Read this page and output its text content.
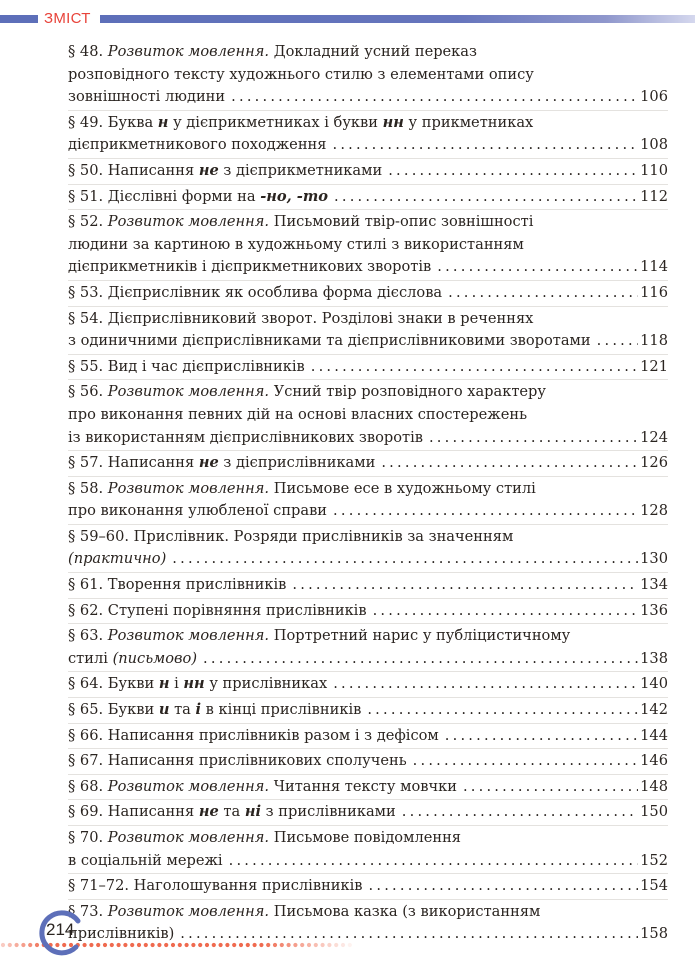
ЗМІСТ
§ 48. Розвиток мовлення. Докладний усний переказ
розповідного тексту художнього стилю з елементами опису
зовнішності людини .....	106
§ 49. Буква н у дієприкметниках і букви нн у прикметниках
дієприкметникового походження .....	108
§ 50. Написання не з дієприкметниками .....	110
§ 51. Дієслівні форми на -но, -то .....	112
§ 52. Розвиток мовлення. Письмовий твір-опис зовнішності
людини за картиною в художньому стилі з використанням
дієприкметників і дієприкметникових зворотів .....	114
§ 53. Дієприслівник як особлива форма дієслова .....	116
§ 54. Дієприслівниковий зворот. Розділові знаки в реченнях
з одиничними дієприслівниками та дієприслівниковими зворотами .....	118
§ 55. Вид і час дієприслівників .....	121
§ 56. Розвиток мовлення. Усний твір розповідного характеру
про виконання певних дій на основі власних спостережень
із використанням дієприслівникових зворотів .....	124
§ 57. Написання не з дієприслівниками .....	126
§ 58. Розвиток мовлення. Письмове есе в художньому стилі
про виконання улюбленої справи .....	128
§ 59–60. Прислівник. Розряди прислівників за значенням
(практично) .....	130
§ 61. Творення прислівників .....	134
§ 62. Ступені порівняння прислівників .....	136
§ 63. Розвиток мовлення. Портретний нарис у публіцистичному
стилі (письмово) .....	138
§ 64. Букви н і нн у прислівниках .....	140
§ 65. Букви и та і в кінці прислівників .....	142
§ 66. Написання прислівників разом і з дефісом .....	144
§ 67. Написання прислівникових сполучень .....	146
§ 68. Розвиток мовлення. Читання тексту мовчки .....	148
§ 69. Написання не та ні з прислівниками .....	150
§ 70. Розвиток мовлення. Письмове повідомлення
в соціальній мережі .....	152
§ 71–72. Наголошування прислівників .....	154
§ 73. Розвиток мовлення. Письмова казка (з використанням
прислівників) .....	158
214
